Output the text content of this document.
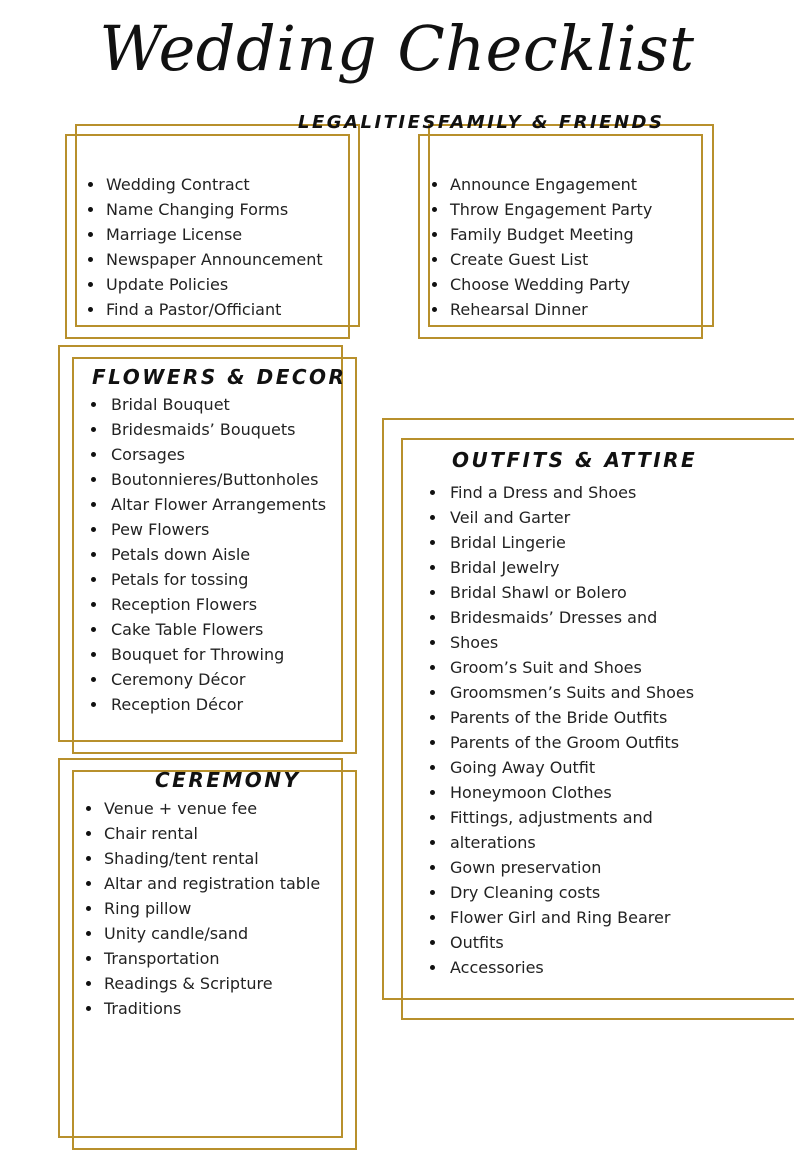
Wedding Checklist
LEGALITIESFAMILY & FRIENDS
FLOWERS & DECOR
OUTFITS & ATTIRE
CEREMONY
Wedding Contract
Name Changing Forms
Marriage License
Newspaper Announcement
Update Policies
Find a Pastor/Officiant
Announce Engagement
Throw Engagement Party
Family Budget Meeting
Create Guest List
Choose Wedding Party
Rehearsal Dinner
Bridal Bouquet
Bridesmaids’ Bouquets
Corsages
Boutonnieres/Buttonholes
Altar Flower Arrangements
Pew Flowers
Petals down Aisle
Petals for tossing
Reception Flowers
Cake Table Flowers
Bouquet for Throwing
Ceremony Décor
Reception Décor
Find a Dress and Shoes
Veil and Garter
Bridal Lingerie
Bridal Jewelry
Bridal Shawl or Bolero
Bridesmaids’ Dresses and
Shoes
Groom’s Suit and Shoes
Groomsmen’s Suits and Shoes
Parents of the Bride Outfits
Parents of the Groom Outfits
Going Away Outfit
Honeymoon Clothes
Fittings, adjustments and
alterations
Gown preservation
Dry Cleaning costs
Flower Girl and Ring Bearer
Outfits
Accessories
Venue + venue fee
Chair rental
Shading/tent rental
Altar and registration table
Ring pillow
Unity candle/sand
Transportation
Readings & Scripture
Traditions
